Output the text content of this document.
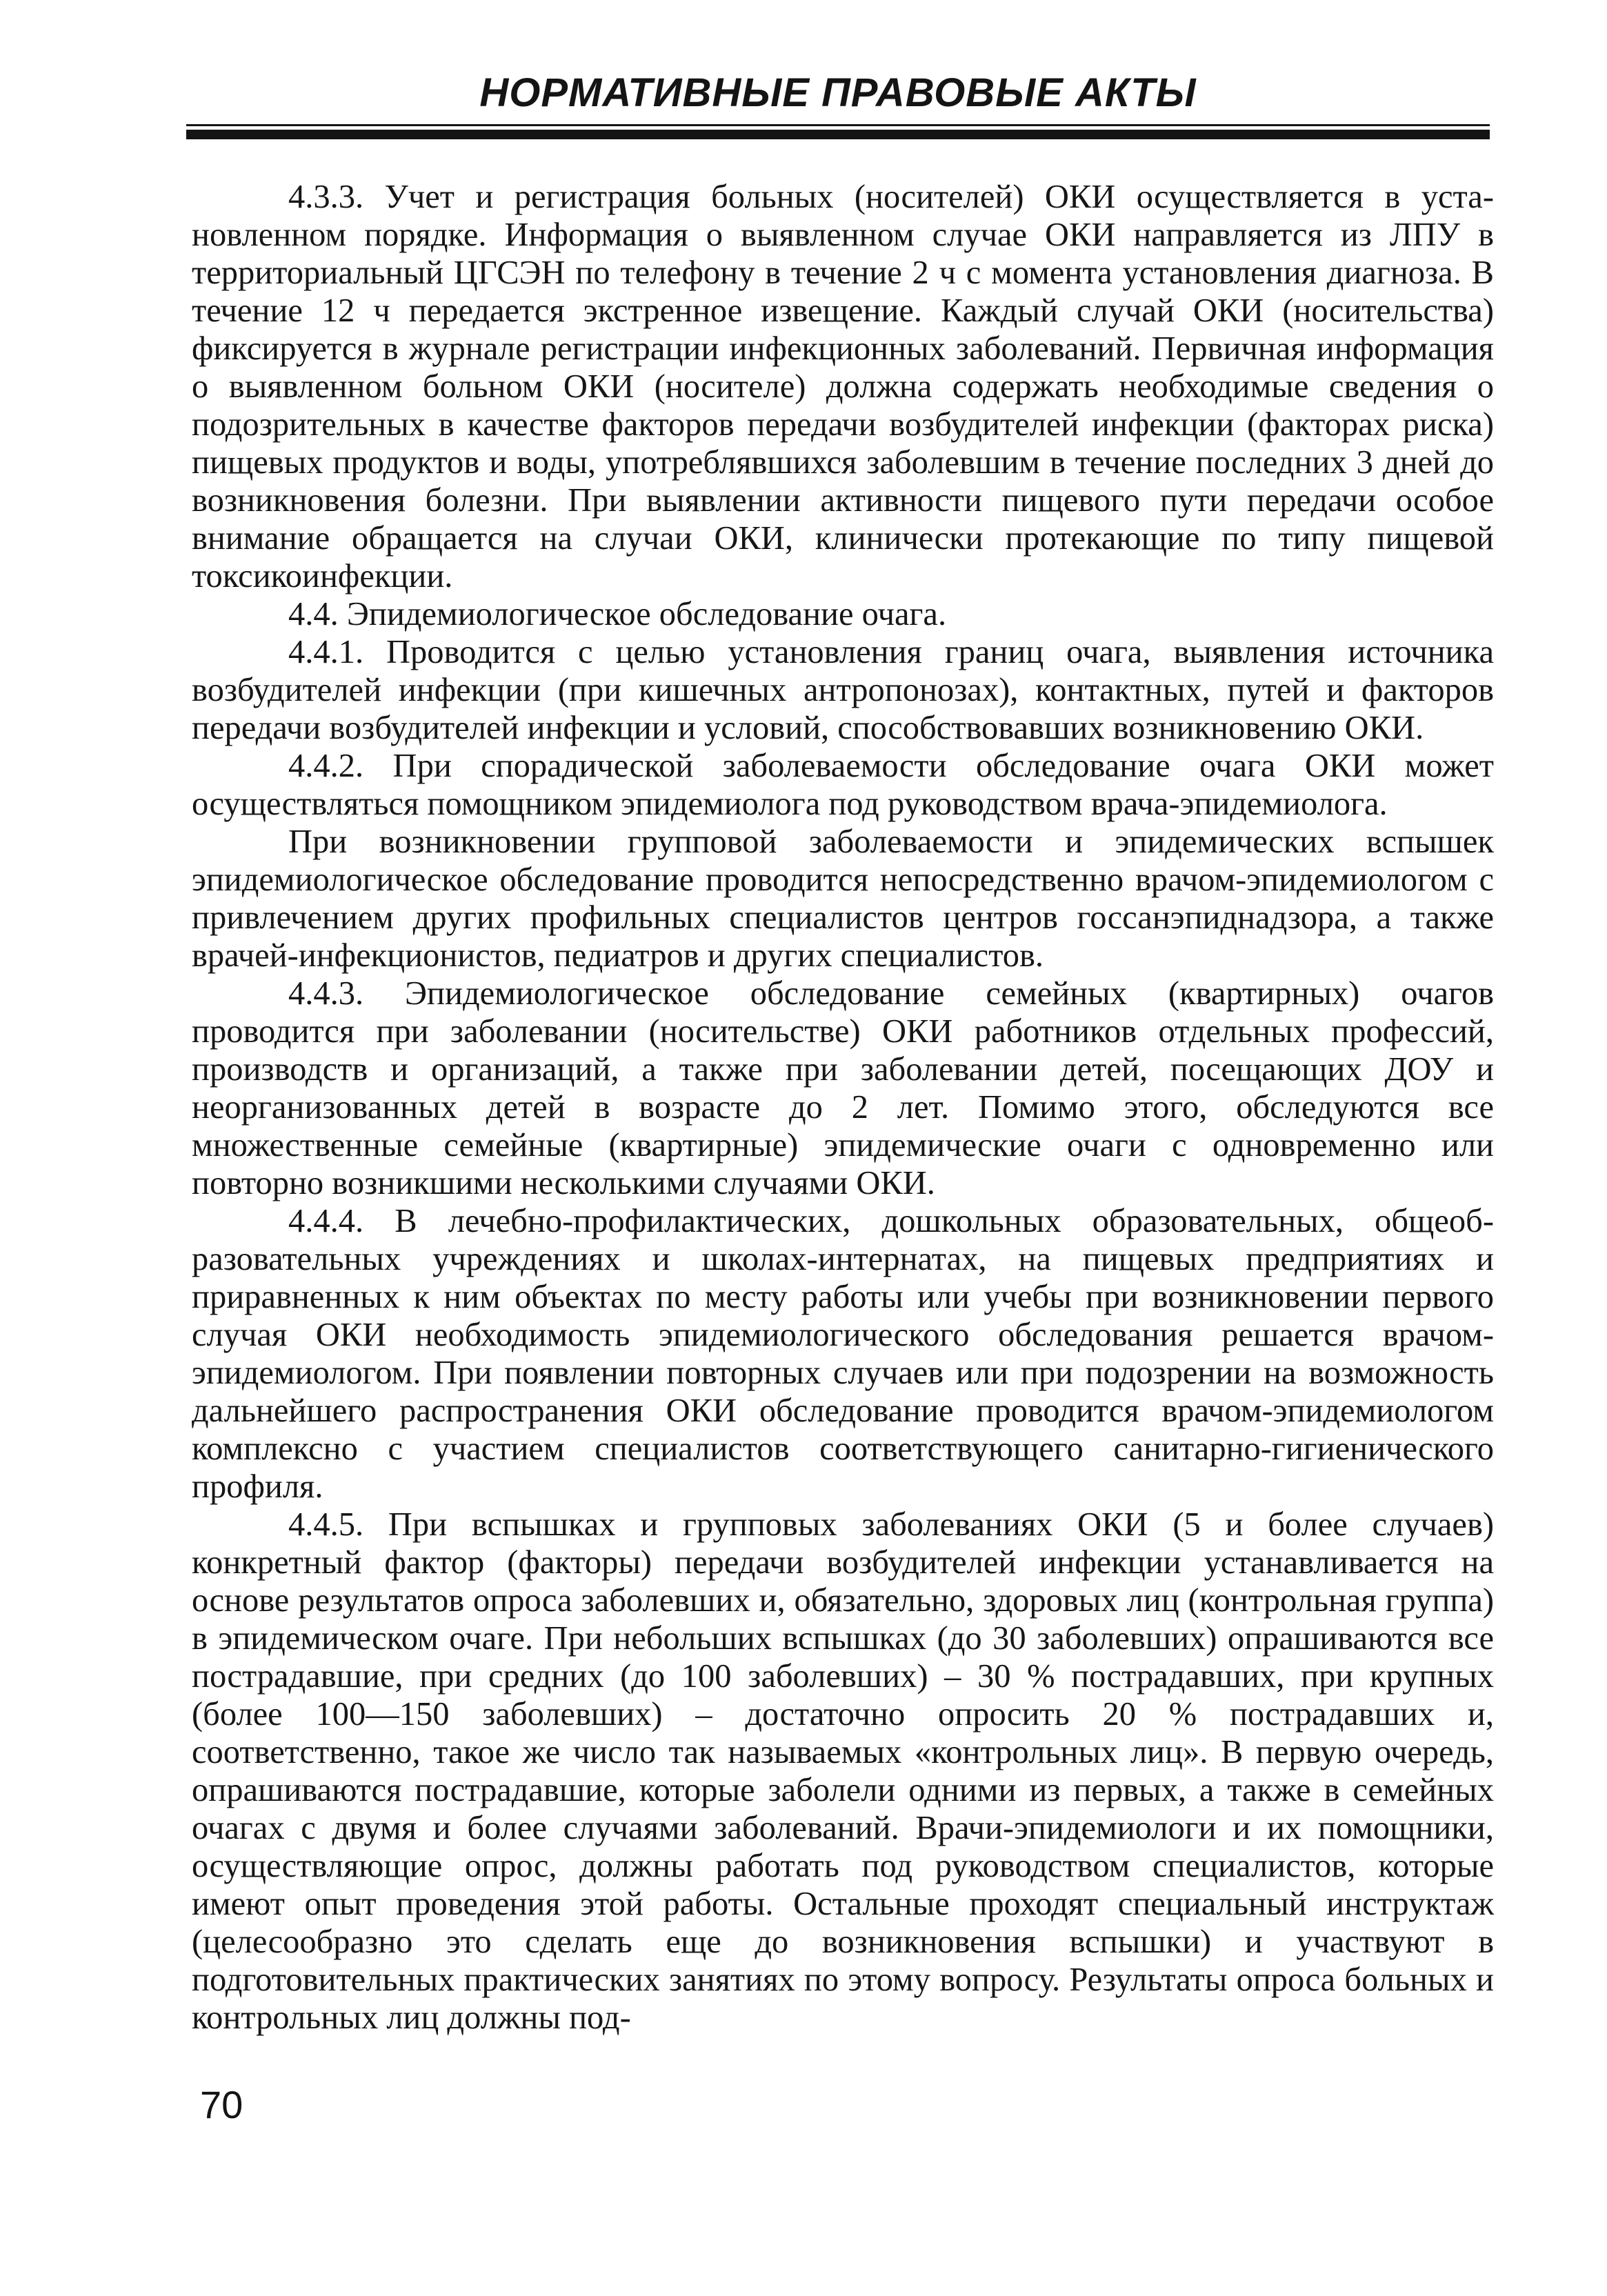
НОРМАТИВНЫЕ ПРАВОВЫЕ АКТЫ

4.3.3. Учет и регистрация больных (носителей) ОКИ осуществляется в установленном порядке. Информация о выявленном случае ОКИ направляется из ЛПУ в территориальный ЦГСЭН по телефону в течение 2 ч с момента установления диагноза. В течение 12 ч передается экстренное извещение. Каждый случай ОКИ (носительства) фиксируется в журнале регистрации инфекционных заболеваний. Первичная информация о выявленном больном ОКИ (носителе) должна содержать необходимые сведения о подозрительных в качестве факторов передачи возбудителей инфекции (факторах риска) пищевых продуктов и воды, употреблявшихся заболевшим в течение последних 3 дней до возникновения болезни. При выявлении активности пищевого пути передачи особое внимание обращается на случаи ОКИ, клинически протекающие по типу пищевой токсикоинфекции.

4.4. Эпидемиологическое обследование очага.

4.4.1. Проводится с целью установления границ очага, выявления источника возбудителей инфекции (при кишечных антропонозах), контактных, путей и факторов передачи возбудителей инфекции и условий, способствовавших возникновению ОКИ.

4.4.2. При спорадической заболеваемости обследование очага ОКИ может осуществляться помощником эпидемиолога под руководством врача-эпидемиолога.

При возникновении групповой заболеваемости и эпидемических вспышек эпидемиологическое обследование проводится непосредственно врачом-эпидемиологом с привлечением других профильных специалистов центров госсанэпиднадзора, а также врачей-инфекционистов, педиатров и других специалистов.

4.4.3. Эпидемиологическое обследование семейных (квартирных) очагов проводится при заболевании (носительстве) ОКИ работников отдельных профессий, производств и организаций, а также при заболевании детей, посещающих ДОУ и неорганизованных детей в возрасте до 2 лет. Помимо этого, обследуются все множественные семейные (квартирные) эпидемические очаги с одновременно или повторно возникшими несколькими случаями ОКИ.

4.4.4. В лечебно-профилактических, дошкольных образовательных, общеобразовательных учреждениях и школах-интернатах, на пищевых предприятиях и приравненных к ним объектах по месту работы или учебы при возникновении первого случая ОКИ необходимость эпидемиологического обследования решается врачом-эпидемиологом. При появлении повторных случаев или при подозрении на возможность дальнейшего распространения ОКИ обследование проводится врачом-эпидемиологом комплексно с участием специалистов соответствующего санитарно-гигиенического профиля.

4.4.5. При вспышках и групповых заболеваниях ОКИ (5 и более случаев) конкретный фактор (факторы) передачи возбудителей инфекции устанавливается на основе результатов опроса заболевших и, обязательно, здоровых лиц (контрольная группа) в эпидемическом очаге. При небольших вспышках (до 30 заболевших) опрашиваются все пострадавшие, при средних (до 100 заболевших) – 30 % пострадавших, при крупных (более 100—150 заболевших) – достаточно опросить 20 % пострадавших и, соответственно, такое же число так называемых «контрольных лиц». В первую очередь, опрашиваются пострадавшие, которые заболели одними из первых, а также в семейных очагах с двумя и более случаями заболеваний. Врачи-эпидемиологи и их помощники, осуществляющие опрос, должны работать под руководством специалистов, которые имеют опыт проведения этой работы. Остальные проходят специальный инструктаж (целесообразно это сделать еще до возникновения вспышки) и участвуют в подготовительных практических занятиях по этому вопросу. Результаты опроса больных и контрольных лиц должны под-

70
